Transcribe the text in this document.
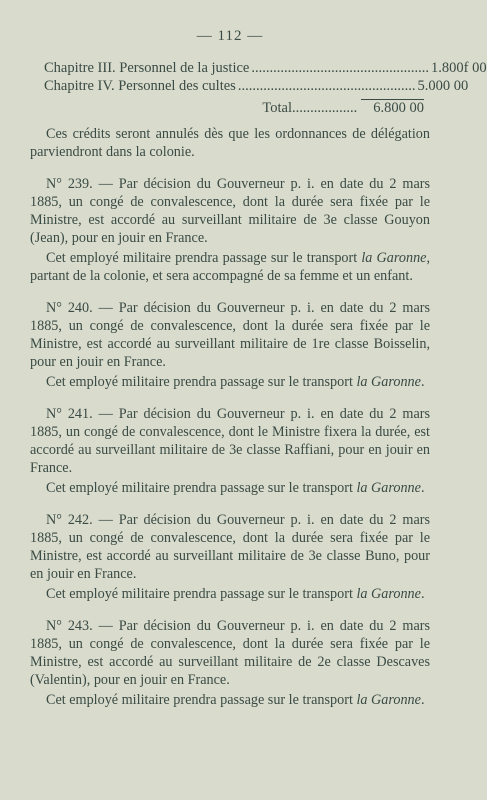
— 112 —
Chapitre III. Personnel de la justice ................................................. 1.800f 00
Chapitre IV. Personnel des cultes ................................................. 5.000 00
Total ..................	6.800 00

Ces crédits seront annulés dès que les ordonnances de délégation parviendront dans la colonie.

N° 239. — Par décision du Gouverneur p. i. en date du 2 mars 1885, un congé de convalescence, dont la durée sera fixée par le Ministre, est accordé au surveillant militaire de 3e classe Gouyon (Jean), pour en jouir en France.

Cet employé militaire prendra passage sur le transport la Garonne, partant de la colonie, et sera accompagné de sa femme et un enfant.

N° 240. — Par décision du Gouverneur p. i. en date du 2 mars 1885, un congé de convalescence, dont la durée sera fixée par le Ministre, est accordé au surveillant militaire de 1re classe Boisselin, pour en jouir en France.

Cet employé militaire prendra passage sur le transport la Garonne.

N° 241. — Par décision du Gouverneur p. i. en date du 2 mars 1885, un congé de convalescence, dont le Ministre fixera la durée, est accordé au surveillant militaire de 3e classe Raffiani, pour en jouir en France.

Cet employé militaire prendra passage sur le transport la Garonne.

N° 242. — Par décision du Gouverneur p. i. en date du 2 mars 1885, un congé de convalescence, dont la durée sera fixée par le Ministre, est accordé au surveillant militaire de 3e classe Buno, pour en jouir en France.

Cet employé militaire prendra passage sur le transport la Garonne.

N° 243. — Par décision du Gouverneur p. i. en date du 2 mars 1885, un congé de convalescence, dont la durée sera fixée par le Ministre, est accordé au surveillant militaire de 2e classe Descaves (Valentin), pour en jouir en France.

Cet employé militaire prendra passage sur le transport la Garonne.
